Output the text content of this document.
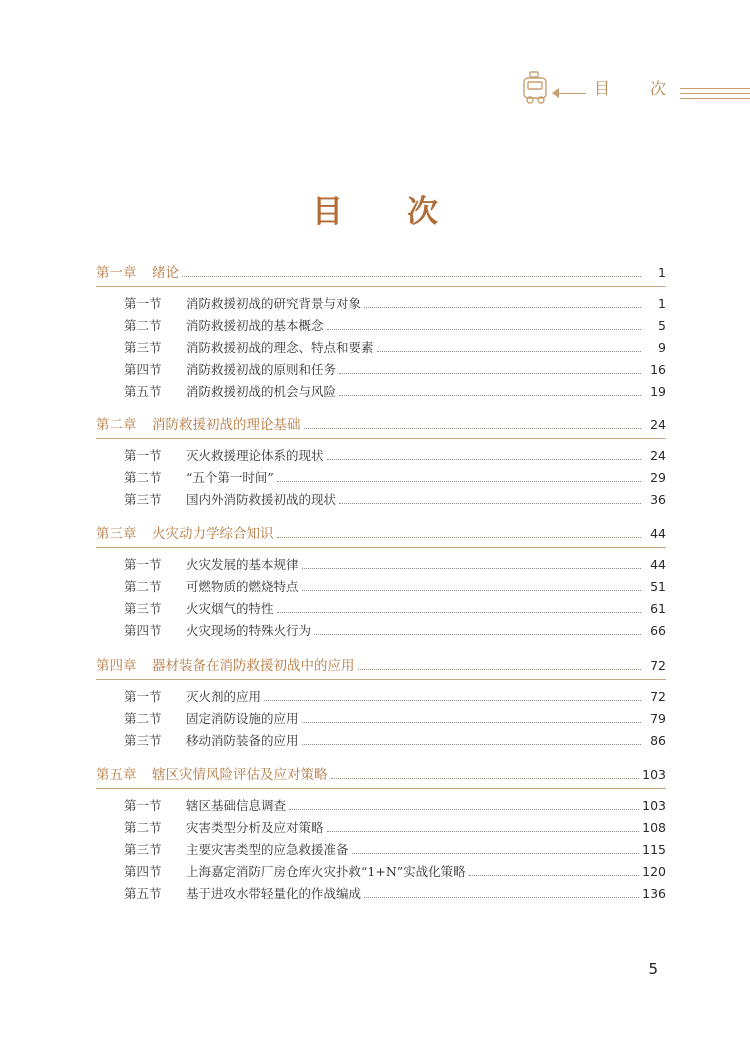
目 次
目 次
第一章	绪论	1
第一节	消防救援初战的研究背景与对象	1
第二节	消防救援初战的基本概念	5
第三节	消防救援初战的理念、特点和要素	9
第四节	消防救援初战的原则和任务	16
第五节	消防救援初战的机会与风险	19
第二章	消防救援初战的理论基础	24
第一节	灭火救援理论体系的现状	24
第二节	“五个第一时间”	29
第三节	国内外消防救援初战的现状	36
第三章	火灾动力学综合知识	44
第一节	火灾发展的基本规律	44
第二节	可燃物质的燃烧特点	51
第三节	火灾烟气的特性	61
第四节	火灾现场的特殊火行为	66
第四章	器材装备在消防救援初战中的应用	72
第一节	灭火剂的应用	72
第二节	固定消防设施的应用	79
第三节	移动消防装备的应用	86
第五章	辖区灾情风险评估及应对策略	103
第一节	辖区基础信息调查	103
第二节	灾害类型分析及应对策略	108
第三节	主要灾害类型的应急救援准备	115
第四节	上海嘉定消防厂房仓库火灾扑救“1+N”实战化策略	120
第五节	基于进攻水带轻量化的作战编成	136
5
